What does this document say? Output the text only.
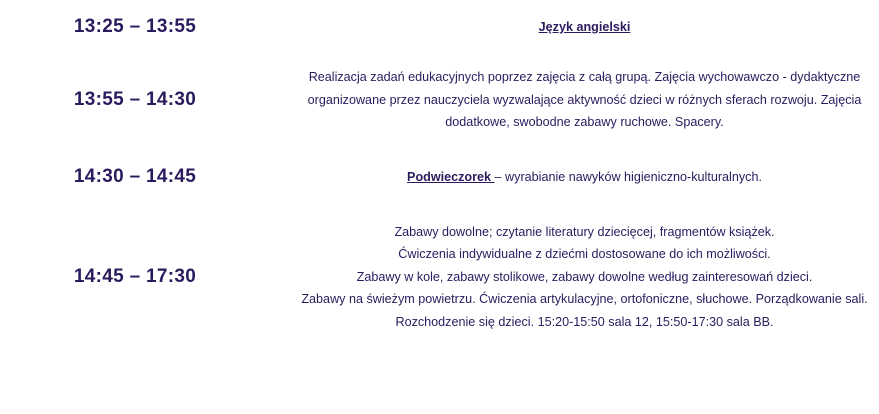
13:25 – 13:55	Język angielski

13:55 – 14:30	Realizacja zadań edukacyjnych poprzez zajęcia z całą grupą. Zajęcia wychowawczo - dydaktyczne
organizowane przez nauczyciela wyzwalające aktywność dzieci w różnych sferach rozwoju. Zajęcia
dodatkowe, swobodne zabawy ruchowe. Spacery.

14:30 – 14:45	Podwieczorek – wyrabianie nawyków higieniczno-kulturalnych.

14:45 – 17:30	Zabawy dowolne; czytanie literatury dziecięcej, fragmentów książek.
Ćwiczenia indywidualne z dziećmi dostosowane do ich możliwości.
Zabawy w kole, zabawy stolikowe, zabawy dowolne według zainteresowań dzieci.
Zabawy na świeżym powietrzu. Ćwiczenia artykulacyjne, ortofoniczne, słuchowe. Porządkowanie sali.
Rozchodzenie się dzieci. 15:20-15:50 sala 12, 15:50-17:30 sala BB.
